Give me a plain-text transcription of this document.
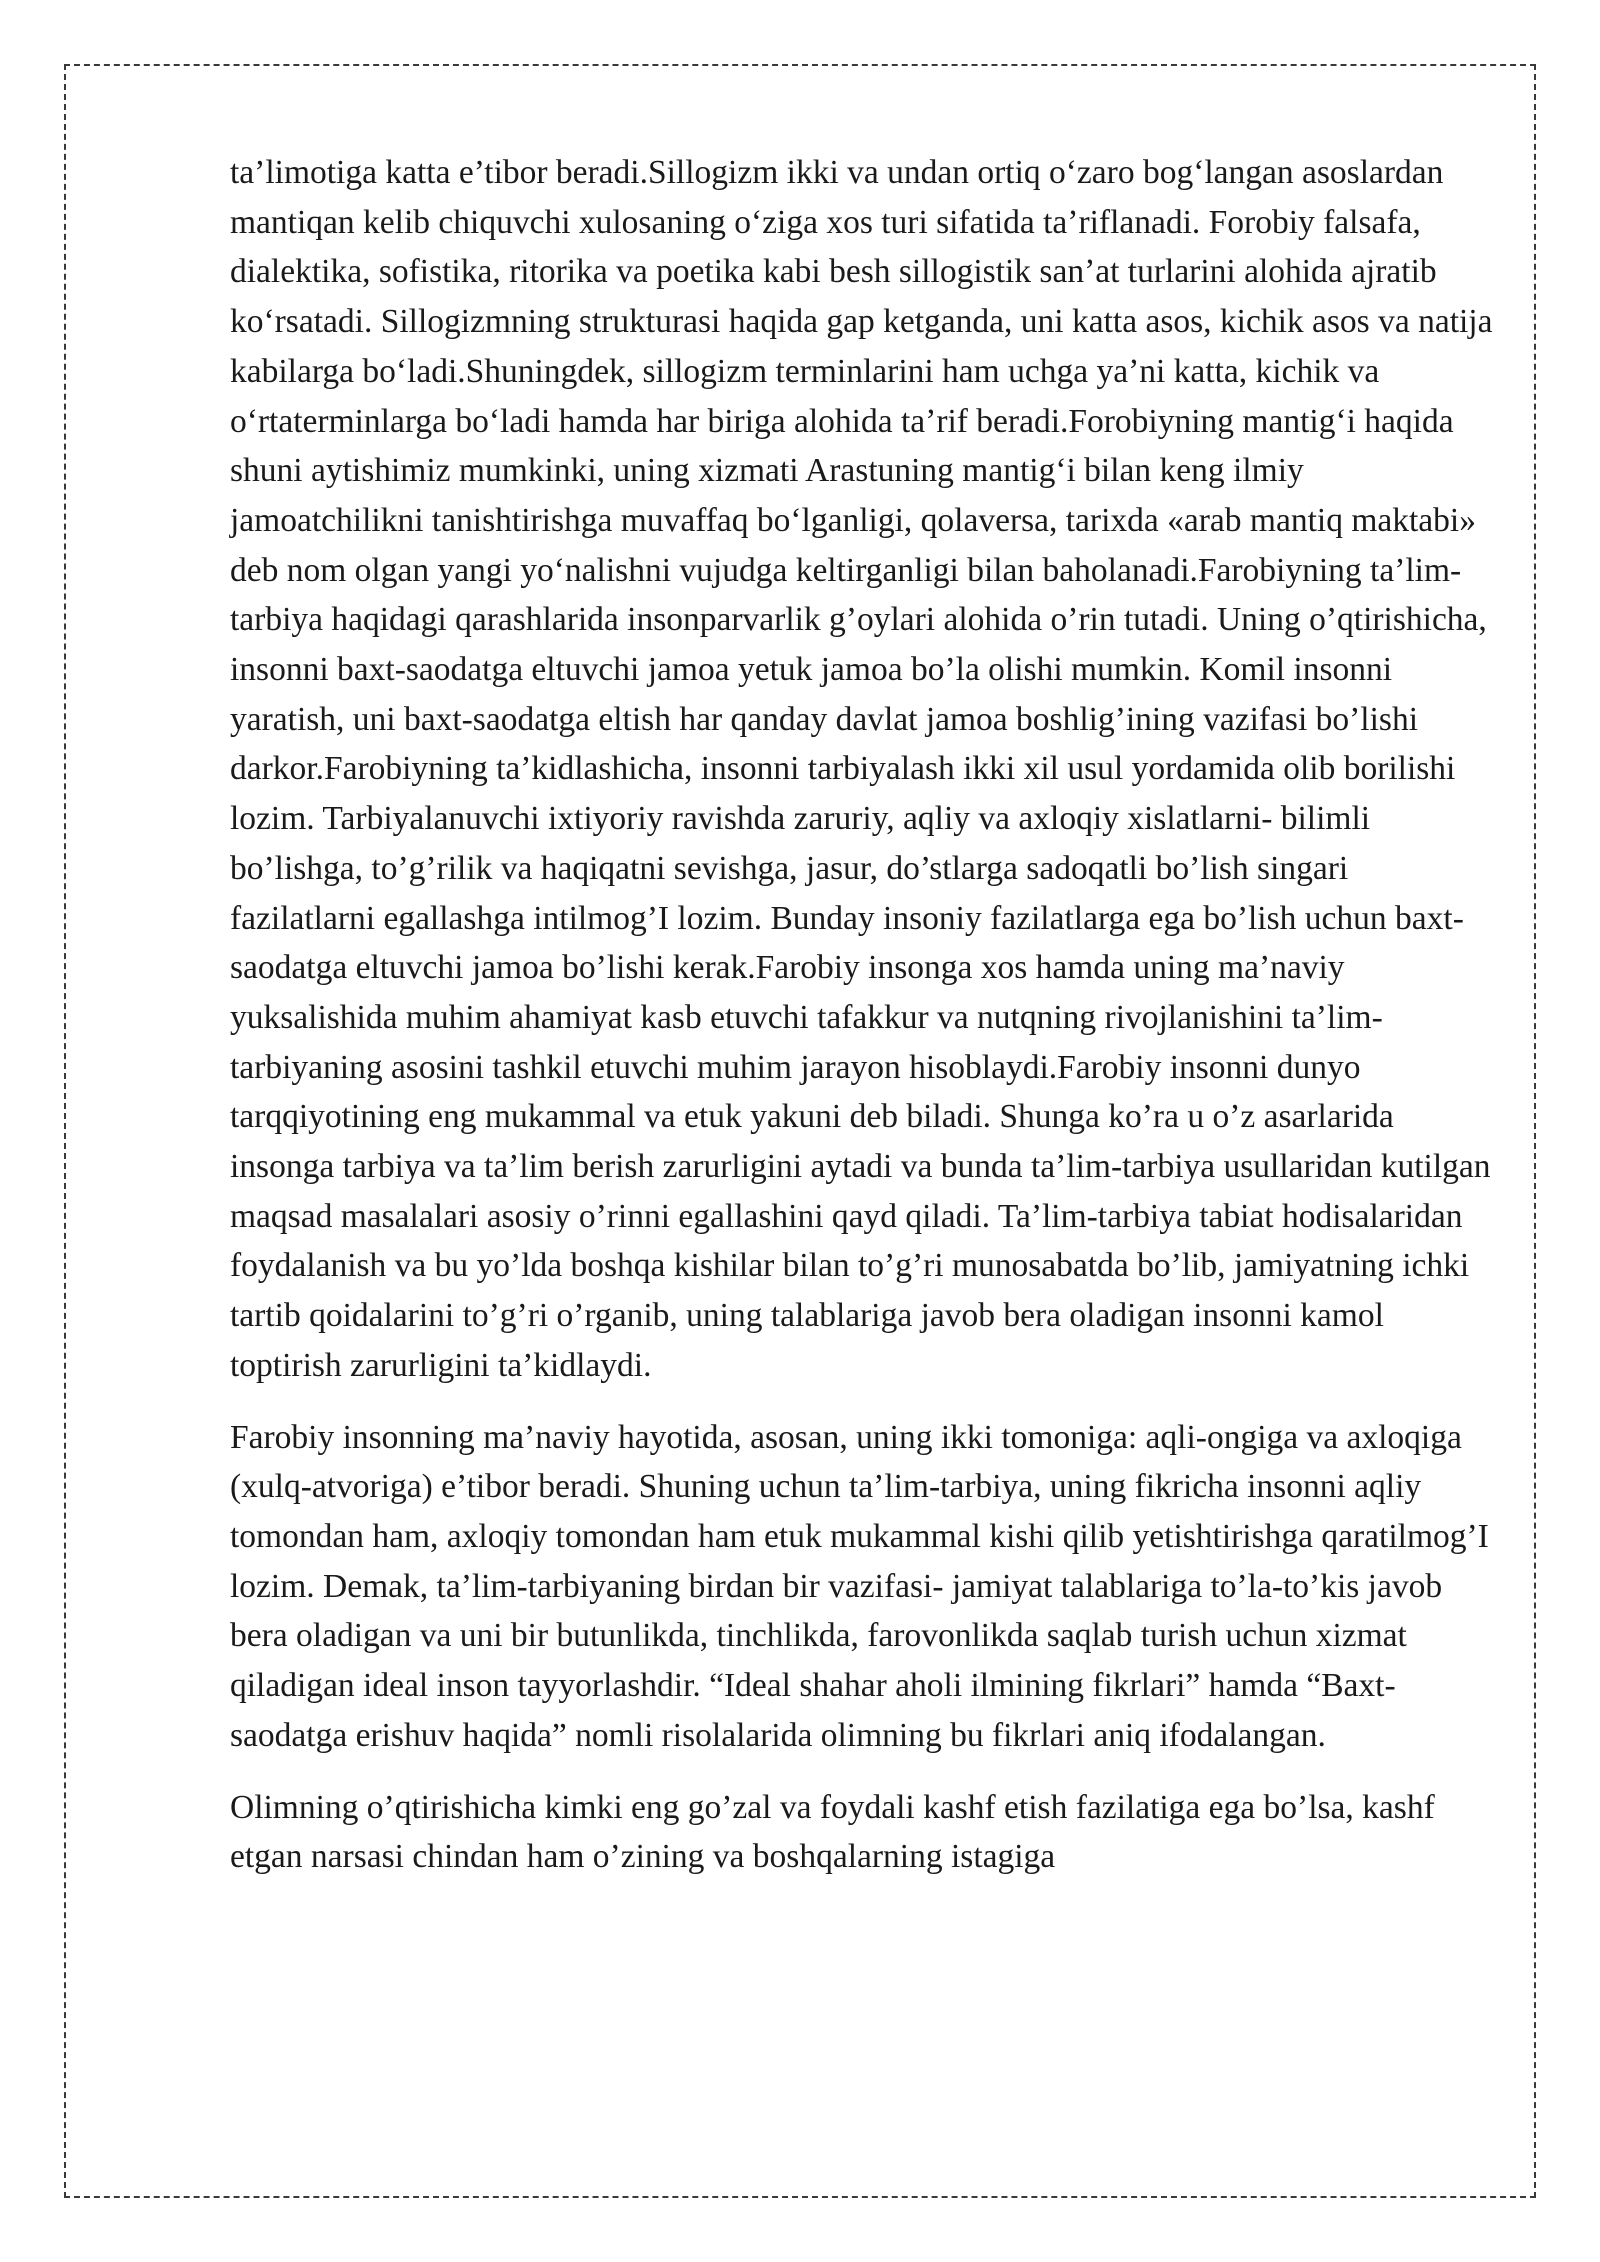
ta’limotiga katta e’tibor beradi.Sillogizm ikki va undan ortiq oʻzaro bogʻlangan asoslardan mantiqan kelib chiquvchi xulosaning oʻziga xos turi sifatida taʼriflanadi. Forobiy falsafa, dialektika, sofistika, ritorika va poetika kabi besh sillogistik sanʼat turlarini alohida ajratib koʻrsatadi. Sillogizmning strukturasi haqida gap ketganda, uni katta asos, kichik asos va natija kabilarga boʻladi.Shuningdek, sillogizm terminlarini ham uchga yaʼni katta, kichik va oʻrtaterminlarga boʻladi hamda har biriga alohida taʼrif beradi.Forobiyning mantigʻi haqida shuni aytishimiz mumkinki, uning xizmati Arastuning mantigʻi bilan keng ilmiy jamoatchilikni tanishtirishga muvaffaq boʻlganligi, qolaversa, tarixda «arab mantiq maktabi» deb nom olgan yangi yoʻnalishni vujudga keltirganligi bilan baholanadi.Farobiyning ta’lim- tarbiya haqidagi qarashlarida insonparvarlik g’oylari alohida o’rin tutadi. Uning o’qtirishicha, insonni baxt-saodatga eltuvchi jamoa yetuk jamoa bo’la olishi mumkin. Komil insonni yaratish, uni baxt-saodatga eltish har qanday davlat jamoa boshlig’ining vazifasi bo’lishi darkor.Farobiyning ta’kidlashicha, insonni tarbiyalash ikki xil usul yordamida olib borilishi lozim. Tarbiyalanuvchi ixtiyoriy ravishda zaruriy, aqliy va axloqiy xislatlarni- bilimli bo’lishga, to’g’rilik va haqiqatni sevishga, jasur, do’stlarga sadoqatli bo’lish singari fazilatlarni egallashga intilmog’I lozim. Bunday insoniy fazilatlarga ega bo’lish uchun baxt-saodatga eltuvchi jamoa bo’lishi kerak.Farobiy insonga xos hamda uning ma’naviy yuksalishida muhim ahamiyat kasb etuvchi tafakkur va nutqning rivojlanishini ta’lim-tarbiyaning asosini tashkil etuvchi muhim jarayon hisoblaydi.Farobiy insonni dunyo tarqqiyotining eng mukammal va etuk yakuni deb biladi. Shunga ko’ra u o’z asarlarida insonga tarbiya va ta’lim berish zarurligini aytadi va bunda ta’lim-tarbiya usullaridan kutilgan maqsad masalalari asosiy o’rinni egallashini qayd qiladi. Ta’lim-tarbiya tabiat hodisalaridan foydalanish va bu yo’lda boshqa kishilar bilan to’g’ri munosabatda bo’lib, jamiyatning ichki tartib qoidalarini to’g’ri o’rganib, uning talablariga javob bera oladigan insonni kamol toptirish zarurligini ta’kidlaydi.

Farobiy insonning ma’naviy hayotida, asosan, uning ikki tomoniga: aqli-ongiga va axloqiga (xulq-atvoriga) e’tibor beradi. Shuning uchun ta’lim-tarbiya, uning fikricha insonni aqliy tomondan ham, axloqiy tomondan ham etuk mukammal kishi qilib yetishtirishga qaratilmog’I lozim. Demak, ta’lim-tarbiyaning birdan bir vazifasi- jamiyat talablariga to’la-to’kis javob bera oladigan va uni bir butunlikda, tinchlikda, farovonlikda saqlab turish uchun xizmat qiladigan ideal inson tayyorlashdir. “Ideal shahar aholi ilmining fikrlari” hamda “Baxt-saodatga erishuv haqida” nomli risolalarida olimning bu fikrlari aniq ifodalangan.

Olimning o’qtirishicha kimki eng go’zal va foydali kashf etish fazilatiga ega bo’lsa, kashf etgan narsasi chindan ham o’zining va boshqalarning istagiga
